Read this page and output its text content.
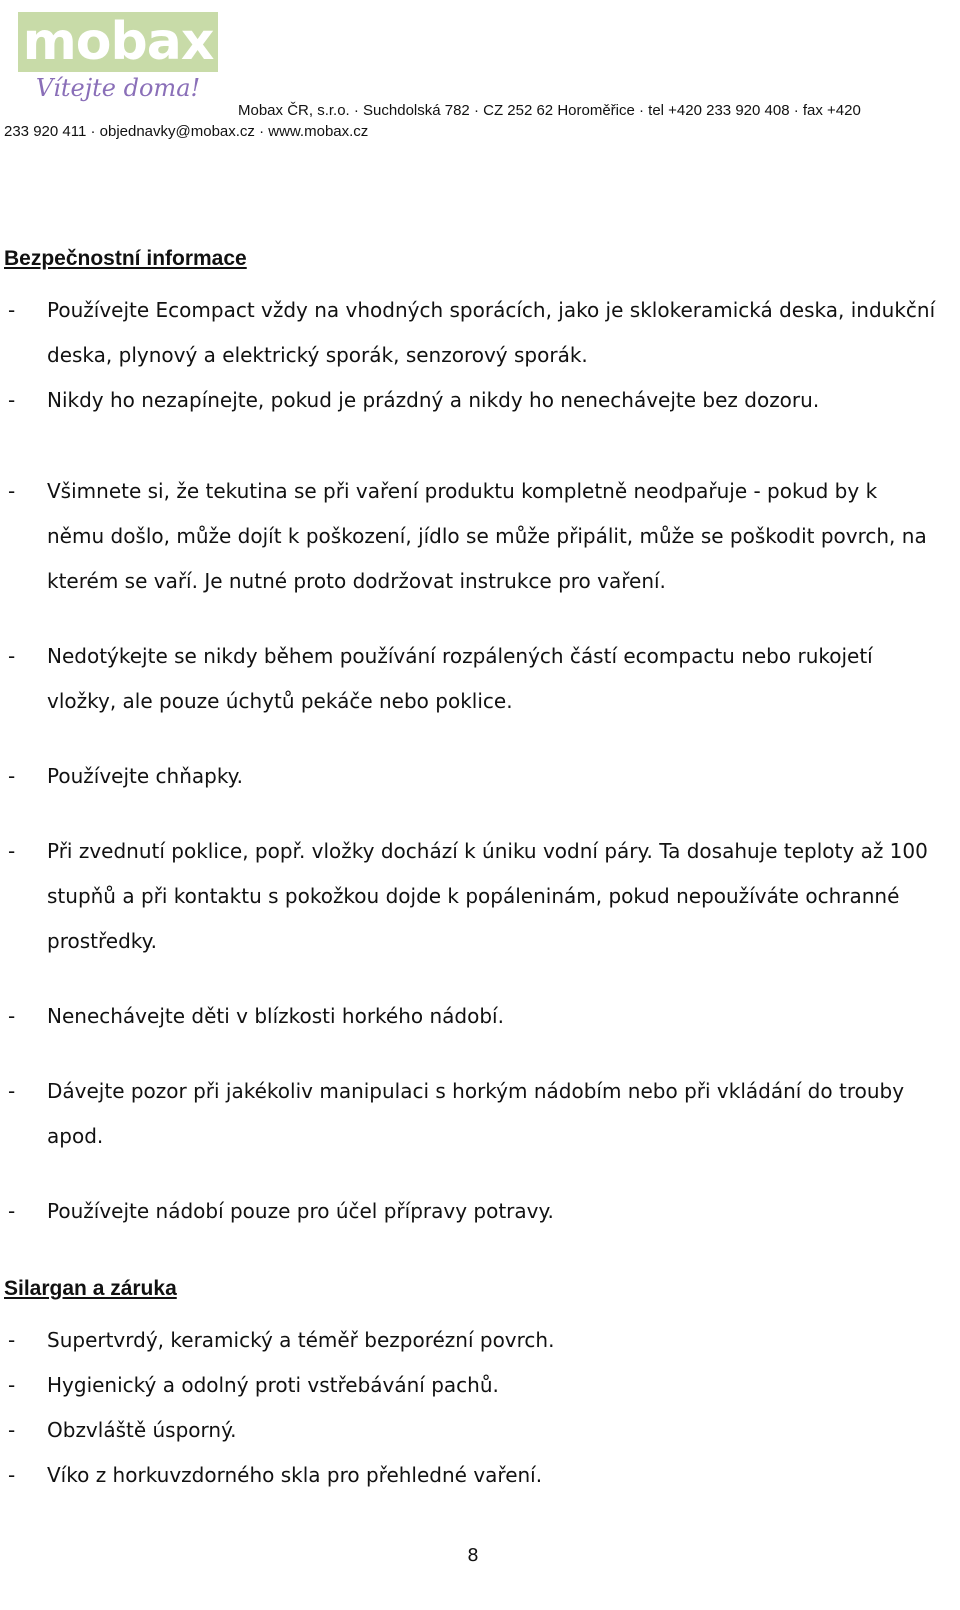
mobax
Vítejte doma!
Mobax ČR, s.r.o. · Suchdolská 782 · CZ 252 62 Horoměřice · tel +420 233 920 408 · fax +420
233 920 411 · objednavky@mobax.cz · www.mobax.cz
Bezpečnostní informace
- Používejte Ecompact vždy na vhodných sporácích, jako je sklokeramická deska, indukční deska, plynový a elektrický sporák, senzorový sporák.
- Nikdy ho nezapínejte, pokud je prázdný a nikdy ho nenechávejte bez dozoru.
- Všimnete si, že tekutina se při vaření produktu kompletně neodpařuje - pokud by k němu došlo, může dojít k poškození, jídlo se může připálit, může se poškodit povrch, na kterém se vaří. Je nutné proto dodržovat instrukce pro vaření.
- Nedotýkejte se nikdy během používání rozpálených částí ecompactu nebo rukojetí vložky, ale pouze úchytů pekáče nebo poklice.
- Používejte chňapky.
- Při zvednutí poklice, popř. vložky dochází k úniku vodní páry. Ta dosahuje teploty až 100 stupňů a při kontaktu s pokožkou dojde k popáleninám, pokud nepoužíváte ochranné prostředky.
- Nenechávejte děti v blízkosti horkého nádobí.
- Dávejte pozor při jakékoliv manipulaci s horkým nádobím nebo při vkládání do trouby apod.
- Používejte nádobí pouze pro účel přípravy potravy.
Silargan a záruka
- Supertvrdý, keramický a téměř bezporézní povrch.
- Hygienický a odolný proti vstřebávání pachů.
- Obzvláště úsporný.
- Víko z horkuvzdorného skla pro přehledné vaření.
8
